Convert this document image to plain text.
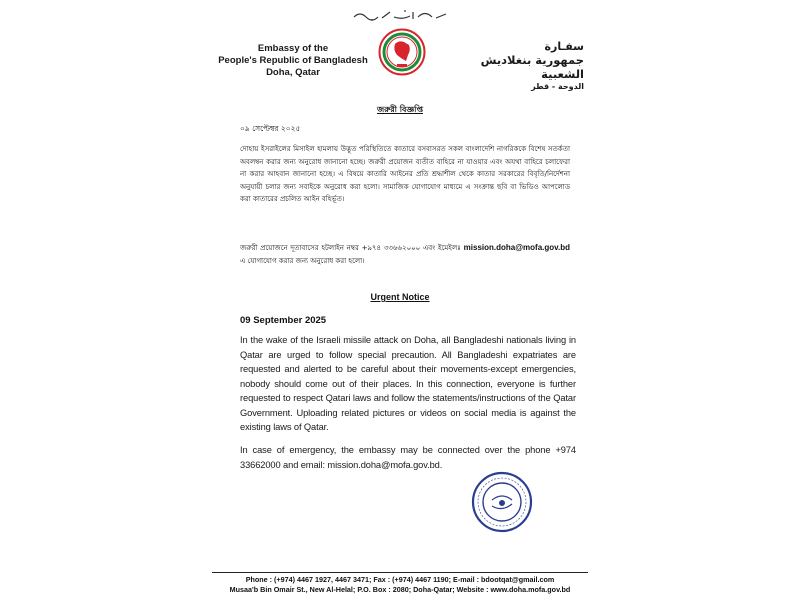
Embassy of the
People's Republic of Bangladesh
Doha, Qatar
سفـارة
جمهورية بنغلاديش الشعبية
الدوحة - قطر
জরুরী বিজ্ঞপ্তি
০৯ সেপ্টেম্বর ২০২৫

দোহায় ইসরাইলের মিসাইল হামলায় উদ্ভূত পরিস্থিতিতে কাতারে বসবাসরত সকল বাংলাদেশি নাগরিককে বিশেষ সতর্কতা অবলম্বন করার জন্য অনুরোধ জানানো হচ্ছে। জরুরী প্রয়োজন ব্যতীত বাহিরে না যাওয়ার এবং অযথা বাহিরে চলাফেরা না করার আহবান জানানো হচ্ছে। এ বিষয়ে কাতারি আইনের প্রতি শ্রদ্ধাশীল থেকে কাতার সরকারের বিবৃতি/নির্দেশনা অনুযায়ী চলার জন্য সবাইকে অনুরোধ করা হলো। সামাজিক যোগাযোগ মাধ্যমে এ সংক্রান্ত ছবি বা ভিডিও আপলোড করা কাতারের প্রচলিত আইন বহির্ভূত।

জরুরী প্রয়োজনে দূতাবাসের হটলাইন নম্বর +৯৭৪ ৩৩৬৬২০০০ এবং ইমেইলঃ mission.doha@mofa.gov.bd এ যোগাযোগ করার জন্য অনুরোধ করা হলো।

Urgent Notice
09 September 2025

In the wake of the Israeli missile attack on Doha, all Bangladeshi nationals living in Qatar are urged to follow special precaution. All Bangladeshi expatriates are requested and alerted to be careful about their movements-except emergencies, nobody should come out of their places. In this connection, everyone is further requested to respect Qatari laws and follow the statements/instructions of the Qatar Government. Uploading related pictures or videos on social media is against the existing laws of Qatar.

In case of emergency, the embassy may be connected over the phone +974 33662000 and email: mission.doha@mofa.gov.bd.

Phone : (+974) 4467 1927, 4467 3471; Fax : (+974) 4467 1190; E-mail : bdootqat@gmail.com
Musaa'b Bin Omair St., New Al-Helal; P.O. Box : 2080; Doha-Qatar; Website : www.doha.mofa.gov.bd
